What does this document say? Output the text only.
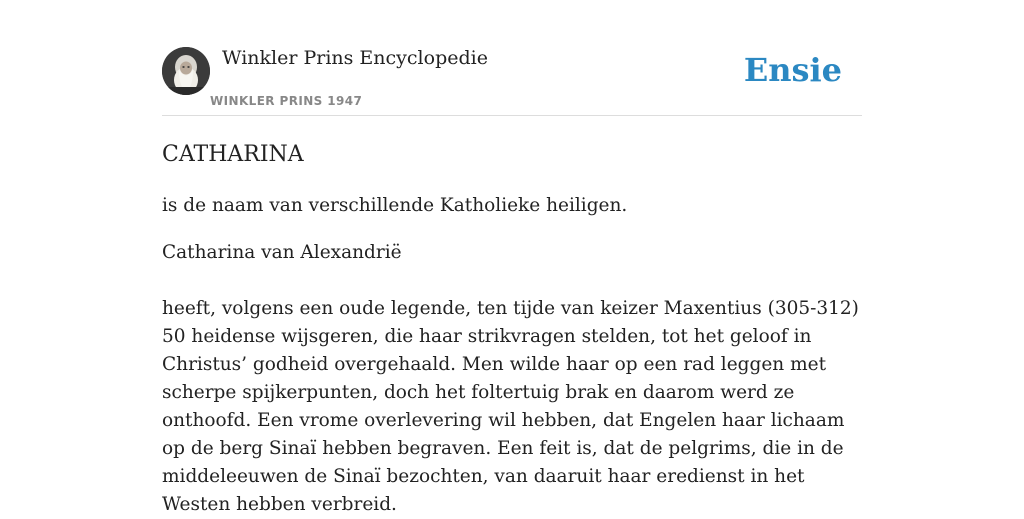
Winkler Prins Encyclopedie
WINKLER PRINS 1947
Ensie
CATHARINA

is de naam van verschillende Katholieke heiligen.

Catharina van Alexandrië

heeft, volgens een oude legende, ten tijde van keizer Maxentius (305-312) 50 heidense wijsgeren, die haar strikvragen stelden, tot het geloof in Christus’ godheid overgehaald. Men wilde haar op een rad leggen met scherpe spijkerpunten, doch het foltertuig brak en daarom werd ze onthoofd. Een vrome overlevering wil hebben, dat Engelen haar lichaam op de berg Sinaï hebben begraven. Een feit is, dat de pelgrims, die in de middeleeuwen de Sinaï bezochten, van daaruit haar eredienst in het Westen hebben verbreid.
